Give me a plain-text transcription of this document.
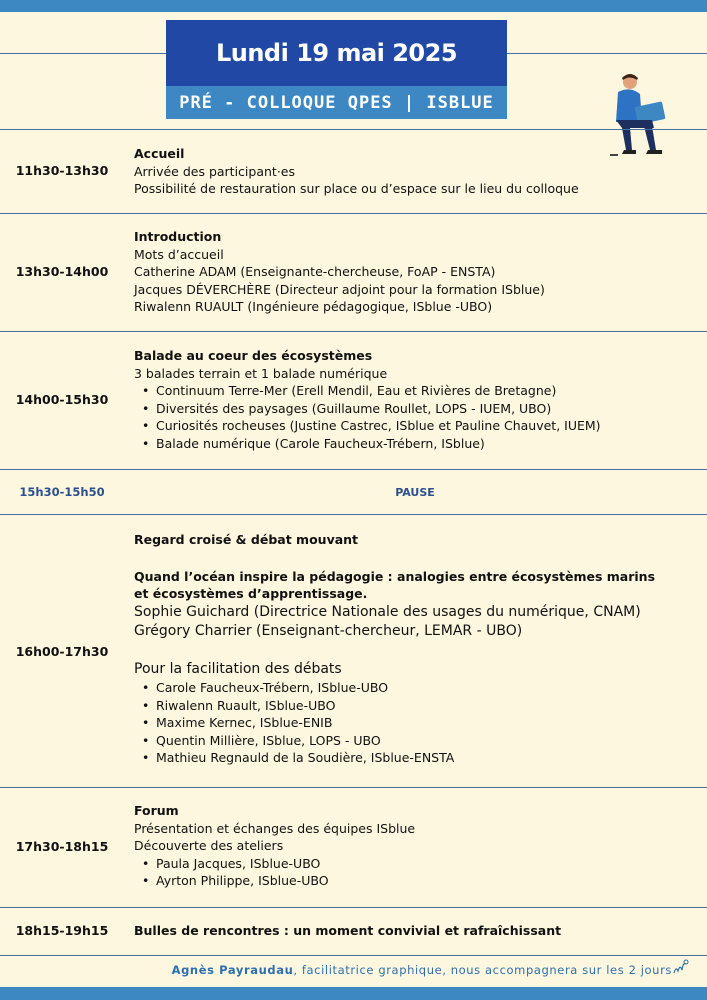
Lundi 19 mai 2025
PRÉ - COLLOQUE QPES | ISBLUE
11h30-13h30
Accueil
Arrivée des participant·es
Possibilité de restauration sur place ou d’espace sur le lieu du colloque
13h30-14h00
Introduction
Mots d’accueil
Catherine ADAM (Enseignante-chercheuse, FoAP - ENSTA)
Jacques DÉVERCHÈRE (Directeur adjoint pour la formation ISblue)
Riwalenn RUAULT (Ingénieure pédagogique, ISblue -UBO)
14h00-15h30
Balade au coeur des écosystèmes
3 balades terrain et 1 balade numérique
• Continuum Terre-Mer (Erell Mendil, Eau et Rivières de Bretagne)
• Diversités des paysages (Guillaume Roullet, LOPS - IUEM, UBO)
• Curiosités rocheuses (Justine Castrec, ISblue et Pauline Chauvet, IUEM)
• Balade numérique (Carole Faucheux-Trébern, ISblue)
15h30-15h50	PAUSE
16h00-17h30
Regard croisé & débat mouvant
Quand l’océan inspire la pédagogie : analogies entre écosystèmes marins et écosystèmes d’apprentissage.
Sophie Guichard (Directrice Nationale des usages du numérique, CNAM)
Grégory Charrier (Enseignant-chercheur, LEMAR - UBO)
Pour la facilitation des débats
• Carole Faucheux-Trébern, ISblue-UBO
• Riwalenn Ruault, ISblue-UBO
• Maxime Kernec, ISblue-ENIB
• Quentin Millière, ISblue, LOPS - UBO
• Mathieu Regnauld de la Soudière, ISblue-ENSTA
17h30-18h15
Forum
Présentation et échanges des équipes ISblue
Découverte des ateliers
• Paula Jacques, ISblue-UBO
• Ayrton Philippe, ISblue-UBO
18h15-19h15	Bulles de rencontres : un moment convivial et rafraîchissant
Agnès Payraudau, facilitatrice graphique, nous accompagnera sur les 2 jours
